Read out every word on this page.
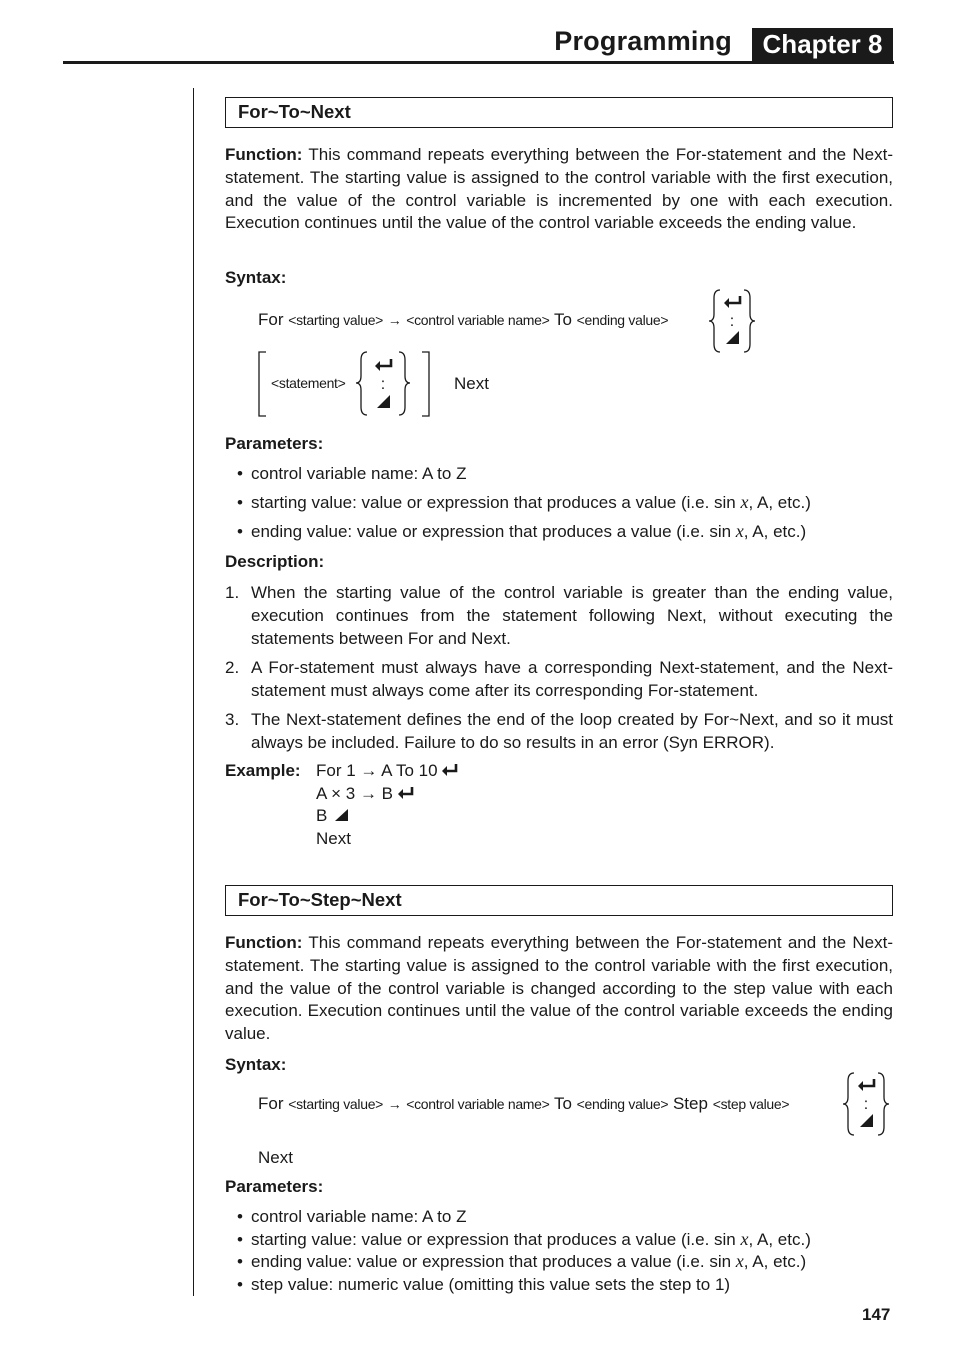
Programming	Chapter 8
For~To~Next

Function: This command repeats everything between the For-statement and the Next-statement. The starting value is assigned to the control variable with the first execution, and the value of the control variable is incremented by one with each execution. Execution continues until the value of the control variable exceeds the ending value.

Syntax:
For <starting value> → <control variable name> To <ending value>	:
:
<statement>	Next
Parameters:
• control variable name: A to Z
• starting value: value or expression that produces a value (i.e. sin x, A, etc.)
• ending value: value or expression that produces a value (i.e. sin x, A, etc.)
Description:
1. When the starting value of the control variable is greater than the ending value, execution continues from the statement following Next, without executing the statements between For and Next.
2. A For-statement must always have a corresponding Next-statement, and the Next-statement must always come after its corresponding For-statement.
3. The Next-statement defines the end of the loop created by For~Next, and so it must always be included. Failure to do so results in an error (Syn ERROR).
Example: For 1 → A To 10
A × 3 → B
B
Next
For~To~Step~Next

Function: This command repeats everything between the For-statement and the Next-statement. The starting value is assigned to the control variable with the first execution, and the value of the control variable is changed according to the step value with each execution. Execution continues until the value of the control variable exceeds the ending value.

Syntax:
For <starting value> → <control variable name> To <ending value> Step <step value>	:
Next
Parameters:
• control variable name: A to Z
• starting value: value or expression that produces a value (i.e. sin x, A, etc.)
• ending value: value or expression that produces a value (i.e. sin x, A, etc.)
• step value: numeric value (omitting this value sets the step to 1)
147
